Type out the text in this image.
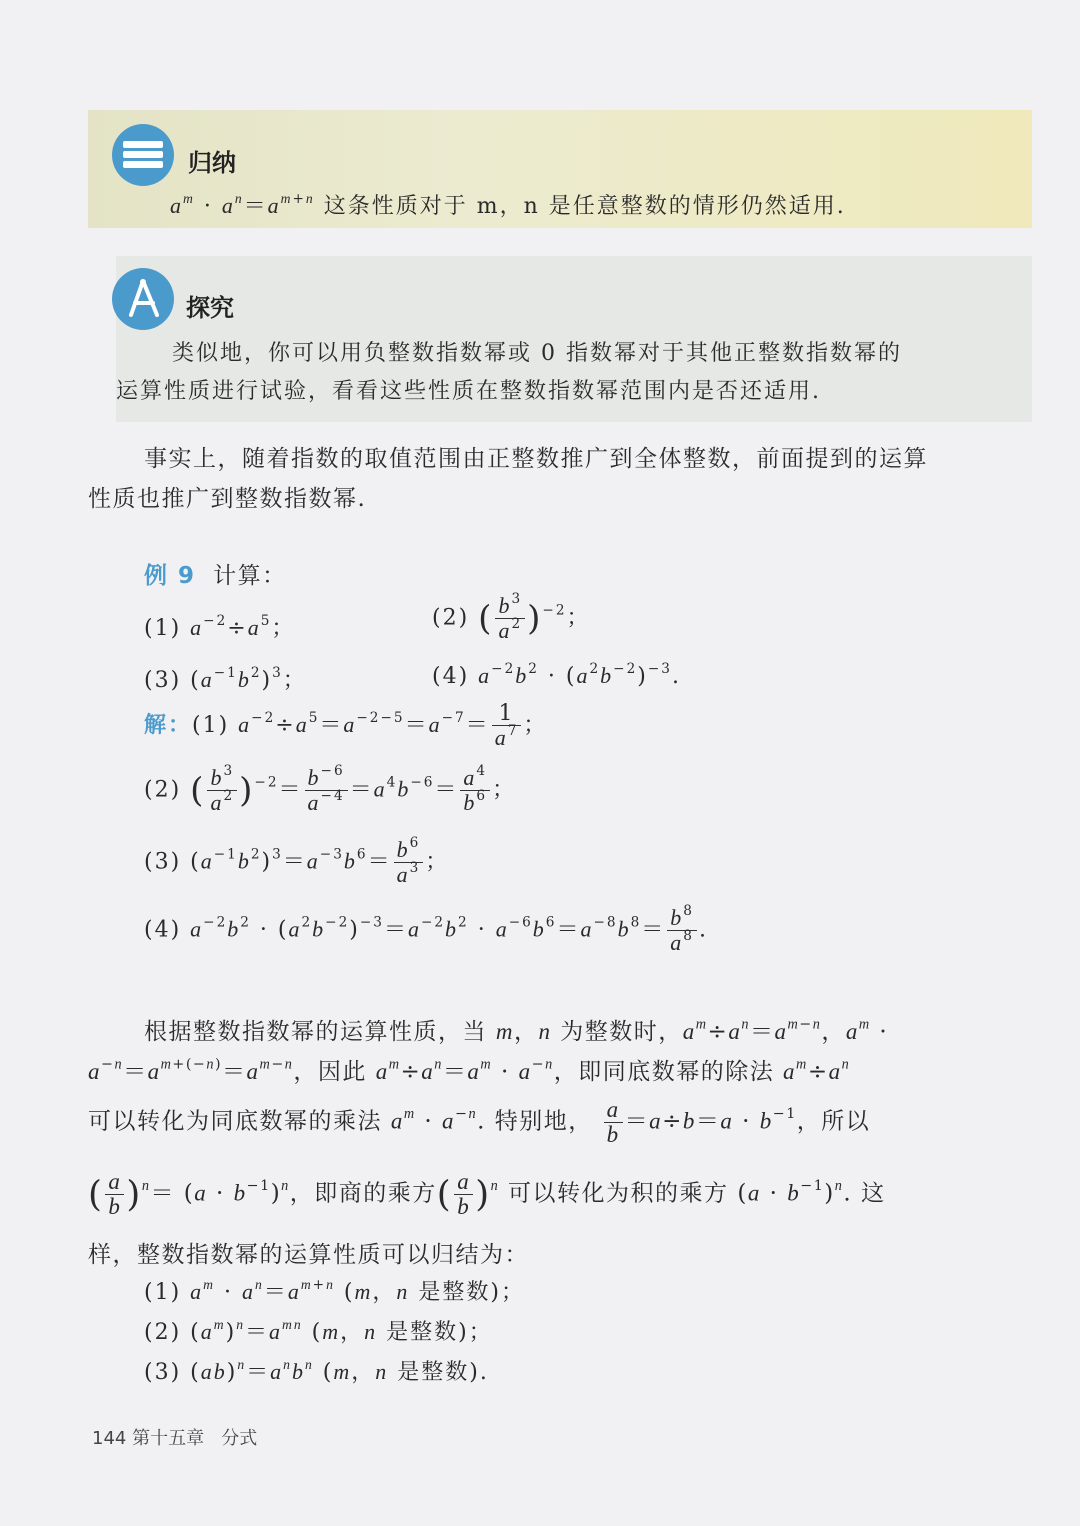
归纳
$a^m \cdot a^n=a^{m+n}$ 这条性质对于 m，n 是任意整数的情形仍然适用.
探究
类似地，你可以用负整数指数幂或 0 指数幂对于其他正整数指数幂的
运算性质进行试验，看看这些性质在整数指数幂范围内是否还适用.
事实上，随着指数的取值范围由正整数推广到全体整数，前面提到的运算
性质也推广到整数指数幂.
例 9 计算：
(1) $a^{-2}\div a^5$；	(2) ( $\frac{b^3}{a^2} )^{-2}$；
(3) $(a^{-1}b^2)^3$；	(4) $a^{-2}b^2 \cdot (a^2b^{-2})^{-3}$.
解：(1) $a^{-2}\div a^5=a^{-2-5}=a^{-7}= \frac{1}{a^7}$ ；
(2) ( $\frac{b^3}{a^2} )^{-2}= \frac{b^{-6}}{a^{-4}} =a^4b^{-6}= \frac{a^4}{b^6}$ ；
(3) $(a^{-1}b^2)^3=a^{-3}b^6= \frac{b^6}{a^3}$ ；
(4) $a^{-2}b^2 \cdot (a^2b^{-2})^{-3}=a^{-2}b^2 \cdot a^{-6}b^6=a^{-8}b^8= \frac{b^8}{a^8}$ .
根据整数指数幂的运算性质，当 m，n 为整数时，$a^m\div a^n=a^{m-n}$，$a^m$ ·
$a^{-n}=a^{m+(-n)}=a^{m-n}$，因此 $a^m\div a^n=a^m \cdot a^{-n}$，即同底数幂的除法 $a^m\div a^n$
可以转化为同底数幂的乘法 $a^m \cdot a^{-n}$. 特别地， $\frac{a}{b} =a\div b=a \cdot b^{-1}$，所以
( $\frac{a}{b} )^n= (a \cdot b^{-1})^n$，即商的乘方( $\frac{a}{b} )^n$ 可以转化为积的乘方 $(a \cdot b^{-1})^n$. 这
样，整数指数幂的运算性质可以归结为：
(1) $a^m \cdot a^n=a^{m+n}$ (m，n 是整数)；
(2) $(a^m)^n=a^{mn}$ (m，n 是整数)；
(3) $(ab)^n=a^nb^n$ (m，n 是整数).
144 第十五章 分式
